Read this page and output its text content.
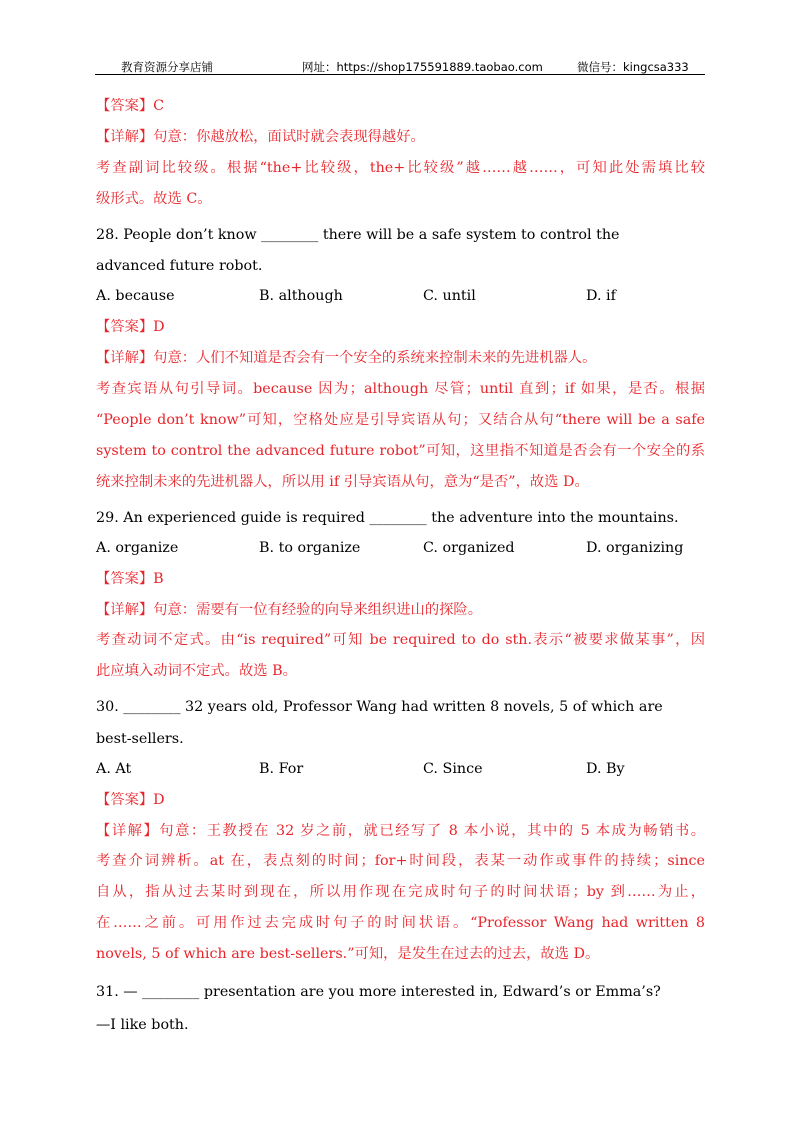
教育资源分享店铺	网址：https://shop175591889.taobao.com	微信号：kingcsa333
【答案】C
【详解】句意：你越放松，面试时就会表现得越好。
考查副词比较级。根据“the+比较级，the+比较级”越……越……，可知此处需填比较
级形式。故选 C。
28. People don’t know ________ there will be a safe system to control the
advanced future robot.
A. because	B. although	C. until	D. if
【答案】D
【详解】句意：人们不知道是否会有一个安全的系统来控制未来的先进机器人。
考查宾语从句引导词。because 因为；although 尽管；until 直到；if 如果，是否。根据
“People don’t know”可知，空格处应是引导宾语从句；又结合从句“there will be a safe
system to control the advanced future robot”可知，这里指不知道是否会有一个安全的系
统来控制未来的先进机器人，所以用 if 引导宾语从句，意为“是否”，故选 D。
29. An experienced guide is required ________ the adventure into the mountains.
A. organize	B. to organize	C. organized	D. organizing
【答案】B
【详解】句意：需要有一位有经验的向导来组织进山的探险。
考查动词不定式。由“is required”可知 be required to do sth.表示“被要求做某事”，因
此应填入动词不定式。故选 B。
30. ________ 32 years old, Professor Wang had written 8 novels, 5 of which are
best-sellers.
A. At	B. For	C. Since	D. By
【答案】D
【详解】句意：王教授在 32 岁之前，就已经写了 8 本小说，其中的 5 本成为畅销书。
考查介词辨析。at 在，表点刻的时间；for+时间段，表某一动作或事件的持续；since
自从，指从过去某时到现在，所以用作现在完成时句子的时间状语；by 到……为止，
在……之前。可用作过去完成时句子的时间状语。“Professor Wang had written 8
novels, 5 of which are best-sellers.”可知，是发生在过去的过去，故选 D。
31. — ________ presentation are you more interested in, Edward’s or Emma’s?
—I like both.
